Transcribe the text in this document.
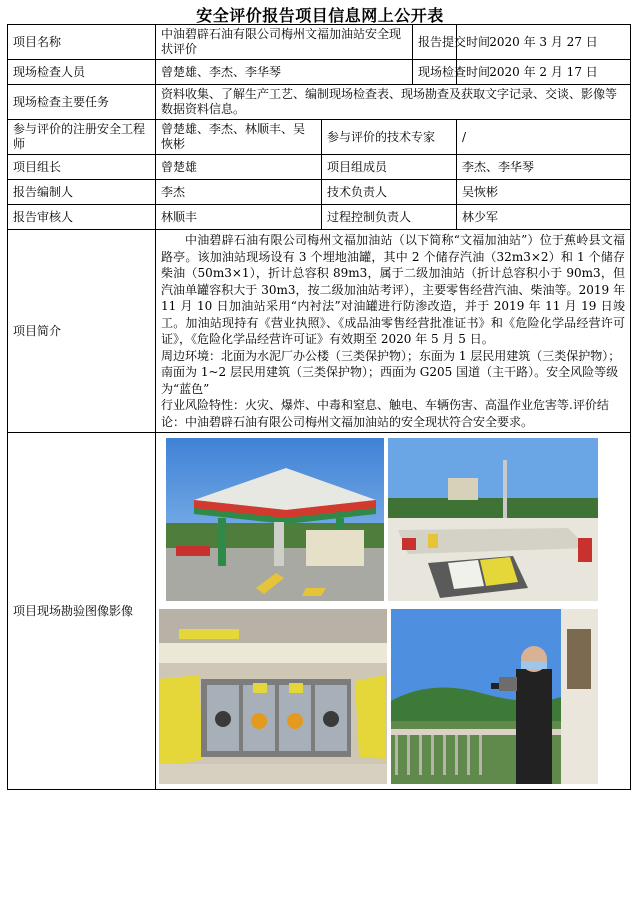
安全评价报告项目信息网上公开表
项目名称	中油碧辟石油有限公司梅州文福加油站安全现状评价		报告提交时间	2020 年 3 月 27 日
现场检查人员	曾楚雄、李杰、李华琴		现场检查时间	2020 年 2 月 17 日
现场检查主要任务	资料收集、了解生产工艺、编制现场检查表、现场勘查及获取文字记录、交谈、影像等数据资料信息。			
参与评价的注册安全工程师	曾楚雄、李杰、林顺丰、吴恢彬	参与评价的技术专家		/
项目组长	曾楚雄	项目组成员		李杰、李华琴
报告编制人	李杰	技术负责人		吴恢彬
报告审核人	林顺丰	过程控制负责人		林少军
项目简介	中油碧辟石油有限公司梅州文福加油站（以下简称“文福加油站”）位于蕉岭县文福路亭。该加油站现场设有 3 个埋地油罐，其中 2 个储存汽油（32m3×2）和 1 个储存柴油（50m3×1），折计总容积 89m3，属于二级加油站（折计总容积小于 90m3，但汽油单罐容积大于 30m3，按二级加油站考评），主要零售经营汽油、柴油等。2019 年 11 月 10 日加油站采用“内衬法”对油罐进行防渗改造，并于 2019 年 11 月 19 日竣工。加油站现持有《营业执照》、《成品油零售经营批准证书》和《危险化学品经营许可证》，《危险化学品经营许可证》有效期至 2020 年 5 月 5 日。

周边环境：北面为水泥厂办公楼（三类保护物）；东面为 1 层民用建筑（三类保护物）；南面为 1~2 层民用建筑（三类保护物）；西面为 G205 国道（主干路）。安全风险等级为“蓝色”

行业风险特性：火灾、爆炸、中毒和窒息、触电、车辆伤害、高温作业危害等.评价结论：中油碧辟石油有限公司梅州文福加油站的安全现状符合安全要求。			

项目现场勘验图像影像	
